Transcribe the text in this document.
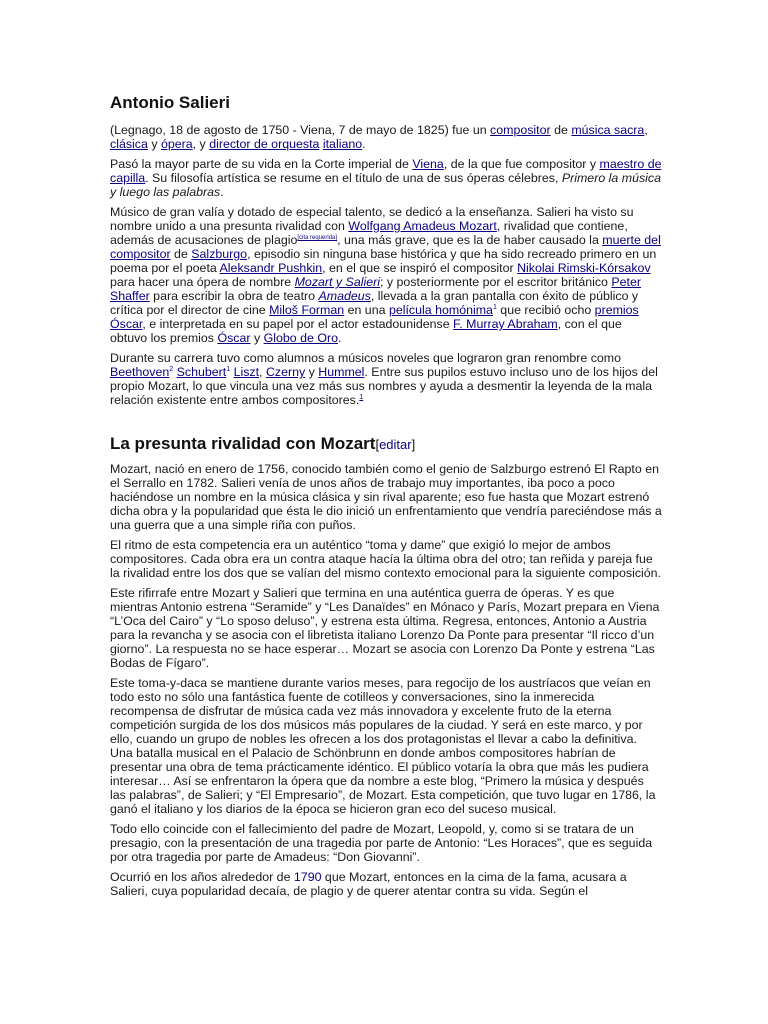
Antonio Salieri

(Legnago, 18 de agosto de 1750 - Viena, 7 de mayo de 1825) fue un compositor de música sacra, clásica y ópera, y director de orquesta italiano.

Pasó la mayor parte de su vida en la Corte imperial de Viena, de la que fue compositor y maestro de capilla. Su filosofía artística se resume en el título de una de sus óperas célebres, Primero la música y luego las palabras.

Músico de gran valía y dotado de especial talento, se dedicó a la enseñanza. Salieri ha visto su nombre unido a una presunta rivalidad con Wolfgang Amadeus Mozart, rivalidad que contiene, además de acusaciones de plagio[cita requerida], una más grave, que es la de haber causado la muerte del compositor de Salzburgo, episodio sin ninguna base histórica y que ha sido recreado primero en un poema por el poeta Aleksandr Pushkin, en el que se inspiró el compositor Nikolai Rimski-Kórsakov para hacer una ópera de nombre Mozart y Salieri; y posteriormente por el escritor británico Peter Shaffer para escribir la obra de teatro Amadeus, llevada a la gran pantalla con éxito de público y crítica por el director de cine Miloš Forman en una película homónima$^1$ que recibió ocho premios Óscar, e interpretada en su papel por el actor estadounidense F. Murray Abraham, con el que obtuvo los premios Óscar y Globo de Oro.

Durante su carrera tuvo como alumnos a músicos noveles que lograron gran renombre como Beethoven$^2$ Schubert$^1$ Liszt, Czerny y Hummel. Entre sus pupilos estuvo incluso uno de los hijos del propio Mozart, lo que vincula una vez más sus nombres y ayuda a desmentir la leyenda de la mala relación existente entre ambos compositores.$^1$

La presunta rivalidad con Mozart[editar]

Mozart, nació en enero de 1756, conocido también como el genio de Salzburgo estrenó El Rapto en el Serrallo en 1782. Salieri venía de unos años de trabajo muy importantes, iba poco a poco haciéndose un nombre en la música clásica y sin rival aparente; eso fue hasta que Mozart estrenó dicha obra y la popularidad que ésta le dio inició un enfrentamiento que vendría pareciéndose más a una guerra que a una simple riña con puños.

El ritmo de esta competencia era un auténtico “toma y dame” que exigió lo mejor de ambos compositores. Cada obra era un contra ataque hacía la última obra del otro; tan reñida y pareja fue la rivalidad entre los dos que se valían del mismo contexto emocional para la siguiente composición.

Este rifirrafe entre Mozart y Salieri que termina en una auténtica guerra de óperas. Y es que mientras Antonio estrena “Seramide” y “Les Danaïdes” en Mónaco y París, Mozart prepara en Viena “L’Oca del Cairo” y “Lo sposo deluso”, y estrena esta última. Regresa, entonces, Antonio a Austria para la revancha y se asocia con el libretista italiano Lorenzo Da Ponte para presentar “Il ricco d’un giorno”. La respuesta no se hace esperar… Mozart se asocia con Lorenzo Da Ponte y estrena “Las Bodas de Fígaro”.

Este toma-y-daca se mantiene durante varios meses, para regocijo de los austríacos que veían en todo esto no sólo una fantástica fuente de cotilleos y conversaciones, sino la inmerecida recompensa de disfrutar de música cada vez más innovadora y excelente fruto de la eterna competición surgida de los dos músicos más populares de la ciudad. Y será en este marco, y por ello, cuando un grupo de nobles les ofrecen a los dos protagonistas el llevar a cabo la definitiva. Una batalla musical en el Palacio de Schönbrunn en donde ambos compositores habrían de presentar una obra de tema prácticamente idéntico. El público votaría la obra que más les pudiera interesar… Así se enfrentaron la ópera que da nombre a este blog, “Primero la música y después las palabras”, de Salieri; y “El Empresario”, de Mozart. Esta competición, que tuvo lugar en 1786, la ganó el italiano y los diarios de la época se hicieron gran eco del suceso musical.

Todo ello coincide con el fallecimiento del padre de Mozart, Leopold, y, como si se tratara de un presagio, con la presentación de una tragedia por parte de Antonio: “Les Horaces”, que es seguida por otra tragedia por parte de Amadeus: “Don Giovanni”.

Ocurrió en los años alrededor de 1790 que Mozart, entonces en la cima de la fama, acusara a Salieri, cuya popularidad decaía, de plagio y de querer atentar contra su vida. Según el
